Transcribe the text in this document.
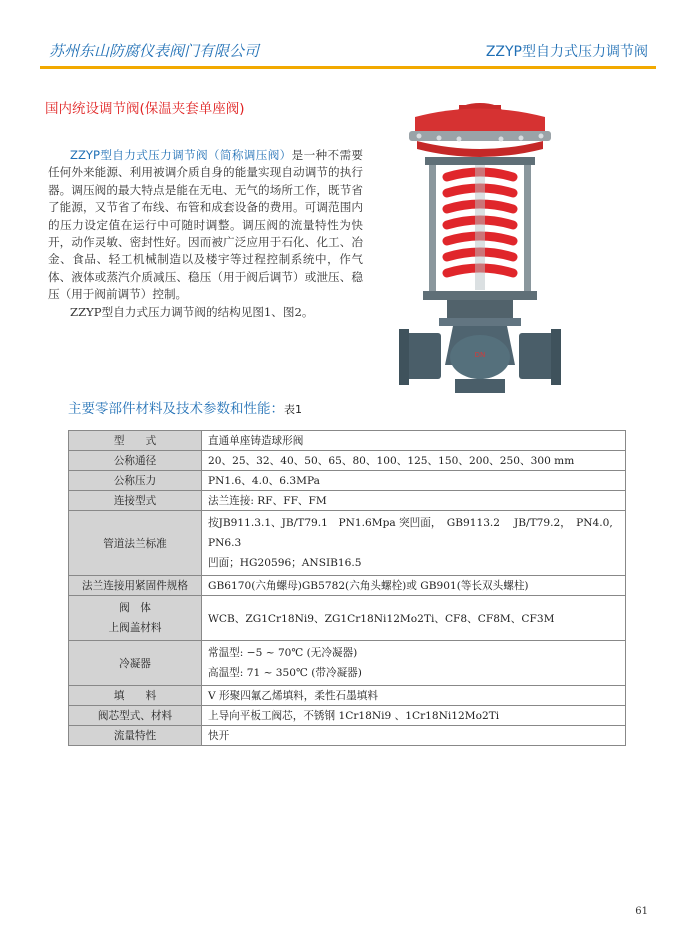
苏州东山防腐仪表阀门有限公司	ZZYP型自力式压力调节阀
国内统设调节阀(保温夹套单座阀)

ZZYP型自力式压力调节阀（简称调压阀）是一种不需要任何外来能源、利用被调介质自身的能量实现自动调节的执行器。调压阀的最大特点是能在无电、无气的场所工作，既节省了能源，又节省了布线、布管和成套设备的费用。可调范围内的压力设定值在运行中可随时调整。调压阀的流量特性为快开，动作灵敏、密封性好。因而被广泛应用于石化、化工、冶金、食品、轻工机械制造以及楼宇等过程控制系统中，作气体、液体或蒸汽介质减压、稳压（用于阀后调节）或泄压、稳压（用于阀前调节）控制。

ZZYP型自力式压力调节阀的结构见图1、图2。

DN
主要零部件材料及技术参数和性能：表1
型　　式	直通单座铸造球形阀
公称通径	20、25、32、40、50、65、80、100、125、150、200、250、300 mm
公称压力	PN1.6、4.0、6.3MPa
连接型式	法兰连接: RF、FF、FM
管道法兰标准	按JB911.3.1、JB/T79.1　PN1.6Mpa 突凹面，　GB9113.2　 JB/T79.2，　PN4.0, PN6.3
凹面；HG20596；ANSIB16.5

法兰连接用紧固件规格	GB6170(六角螺母)GB5782(六角头螺栓)或 GB901(等长双头螺柱)

阀　体
上阀盖材料	WCB、ZG1Cr18Ni9、ZG1Cr18Ni12Mo2Ti、CF8、CF8M、CF3M
冷凝器	常温型: −5 ~ 70℃ (无冷凝器)
高温型: 71 ~ 350℃ (带冷凝器)

填　　料	V 形聚四氟乙烯填料，柔性石墨填料
阀芯型式、材料	上导向平板工阀芯，不锈钢 1Cr18Ni9 、1Cr18Ni12Mo2Ti
流量特性	快开
61
